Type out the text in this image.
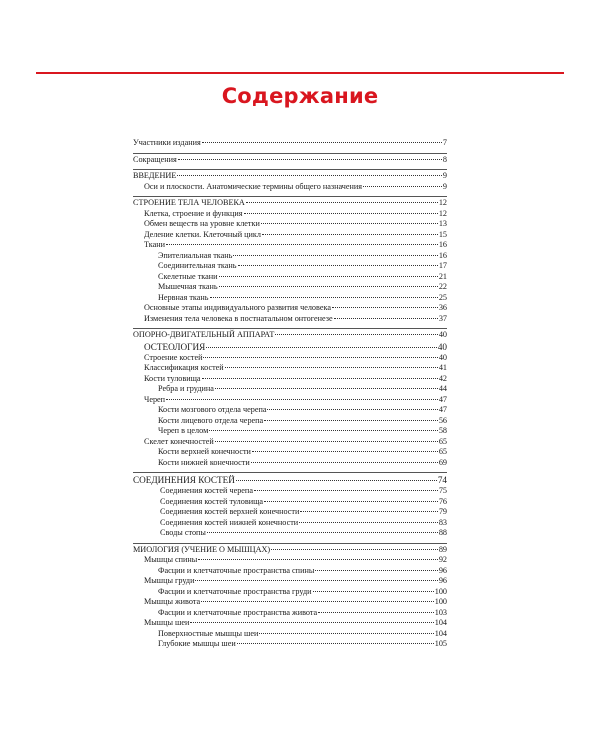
Содержание
Участники издания	7
Сокращения	8
ВВЕДЕНИЕ	9
Оси и плоскости. Анатомические термины общего назначения	9
СТРОЕНИЕ ТЕЛА ЧЕЛОВЕКА	12
Клетка, строение и функция	12
Обмен веществ на уровне клетки	13
Деление клетки. Клеточный цикл	15
Ткани	16
Эпителиальная ткань	16
Соединительная ткань	17
Скелетные ткани	21
Мышечная ткань	22
Нервная ткань	25
Основные этапы индивидуального развития человека	36
Изменения тела человека в постнатальном онтогенезе	37
ОПОРНО-ДВИГАТЕЛЬНЫЙ АППАРАТ	40
ОСТЕОЛОГИЯ	40
Строение костей	40
Классификация костей	41
Кости туловища	42
Ребра и грудина	44
Череп	47
Кости мозгового отдела черепа	47
Кости лицевого отдела черепа	56
Череп в целом	58
Скелет конечностей	65
Кости верхней конечности	65
Кости нижней конечности	69
СОЕДИНЕНИЯ КОСТЕЙ	74
Соединения костей черепа	75
Соединения костей туловища	76
Соединения костей верхней конечности	79
Соединения костей нижней конечности	83
Своды стопы	88
МИОЛОГИЯ (УЧЕНИЕ О МЫШЦАХ)	89
Мышцы спины	92
Фасции и клетчаточные пространства спины	96
Мышцы груди	96
Фасции и клетчаточные пространства груди	100
Мышцы живота	100
Фасции и клетчаточные пространства живота	103
Мышцы шеи	104
Поверхностные мышцы шеи	104
Глубокие мышцы шеи	105
